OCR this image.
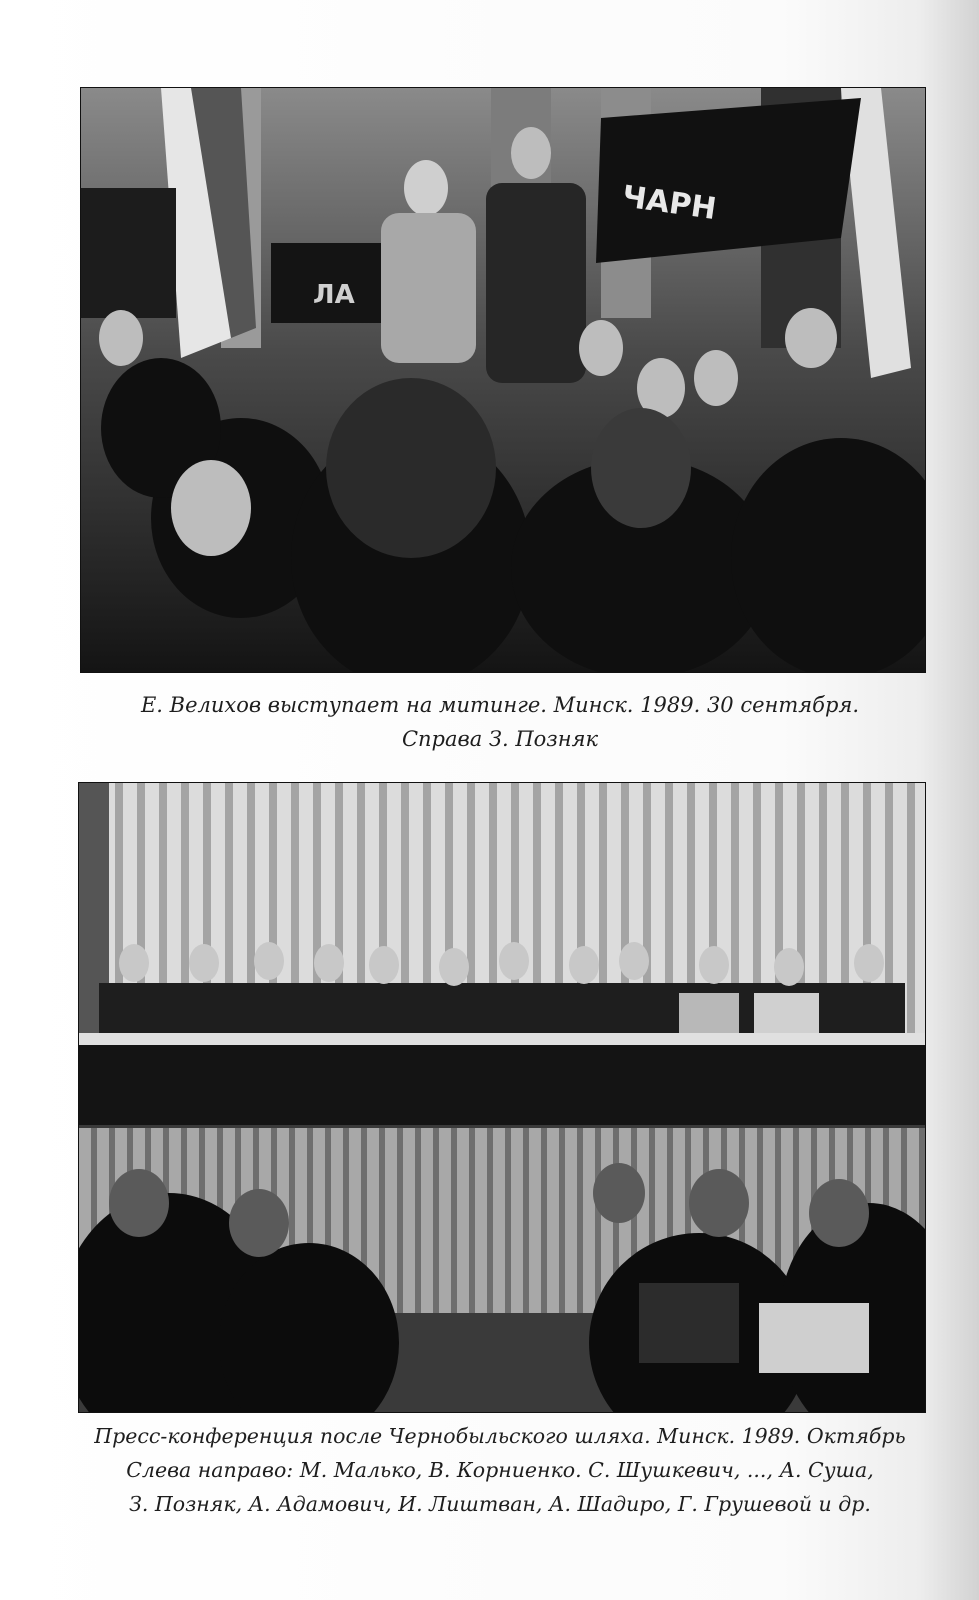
ЧАРН
ЛА
Е. Велихов выступает на митинге. Минск. 1989. 30 сентября.
Справа З. Позняк
Пресс-конференция после Чернобыльского шляха. Минск. 1989. Октябрь
Слева направо: М. Малько, В. Корниенко. С. Шушкевич, ..., А. Суша,
З. Позняк, А. Адамович, И. Лиштван, А. Шадиро, Г. Грушевой и др.
